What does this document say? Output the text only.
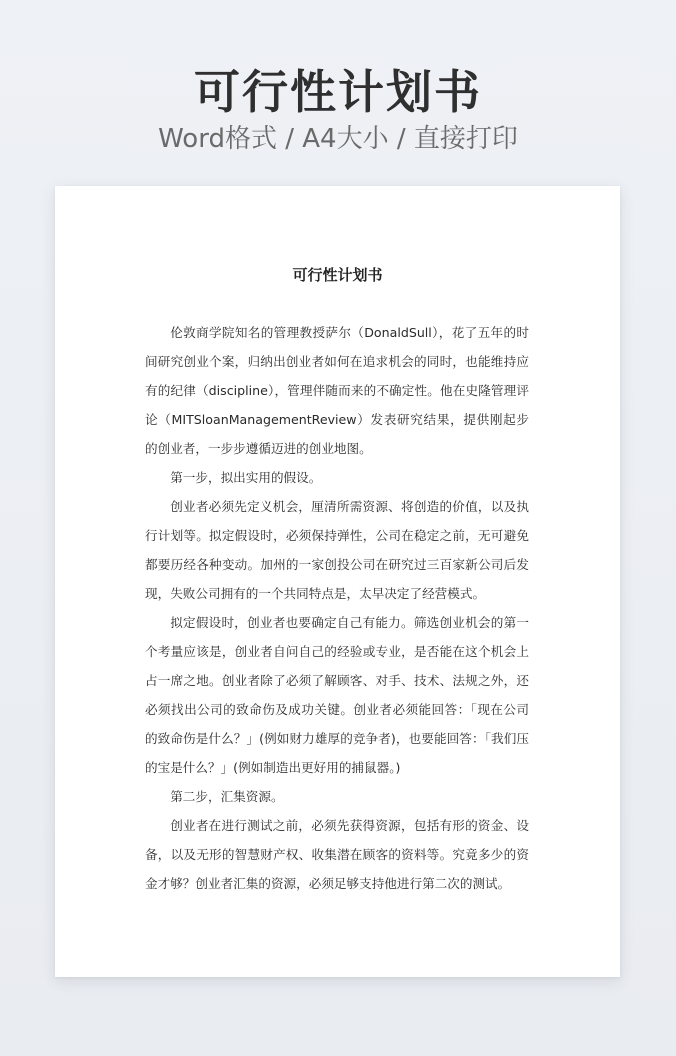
可行性计划书
Word格式 / A4大小 / 直接打印
可行性计划书

伦敦商学院知名的管理教授萨尔（DonaldSull），花了五年的时间研究创业个案，归纳出创业者如何在追求机会的同时，也能维持应有的纪律（discipline），管理伴随而来的不确定性。他在史隆管理评论（MITSloanManagementReview）发表研究结果，提供刚起步的创业者，一步步遵循迈进的创业地图。

第一步，拟出实用的假设。

创业者必须先定义机会，厘清所需资源、将创造的价值，以及执行计划等。拟定假设时，必须保持弹性，公司在稳定之前，无可避免都要历经各种变动。加州的一家创投公司在研究过三百家新公司后发现，失败公司拥有的一个共同特点是，太早决定了经营模式。

拟定假设时，创业者也要确定自己有能力。筛选创业机会的第一个考量应该是，创业者自问自己的经验或专业，是否能在这个机会上占一席之地。创业者除了必须了解顾客、对手、技术、法规之外，还必须找出公司的致命伤及成功关键。创业者必须能回答：「现在公司的致命伤是什么？」(例如财力雄厚的竞争者)，也要能回答：「我们压的宝是什么？」(例如制造出更好用的捕鼠器。)

第二步，汇集资源。

创业者在进行测试之前，必须先获得资源，包括有形的资金、设备，以及无形的智慧财产权、收集潜在顾客的资料等。究竟多少的资金才够？创业者汇集的资源，必须足够支持他进行第二次的测试。
